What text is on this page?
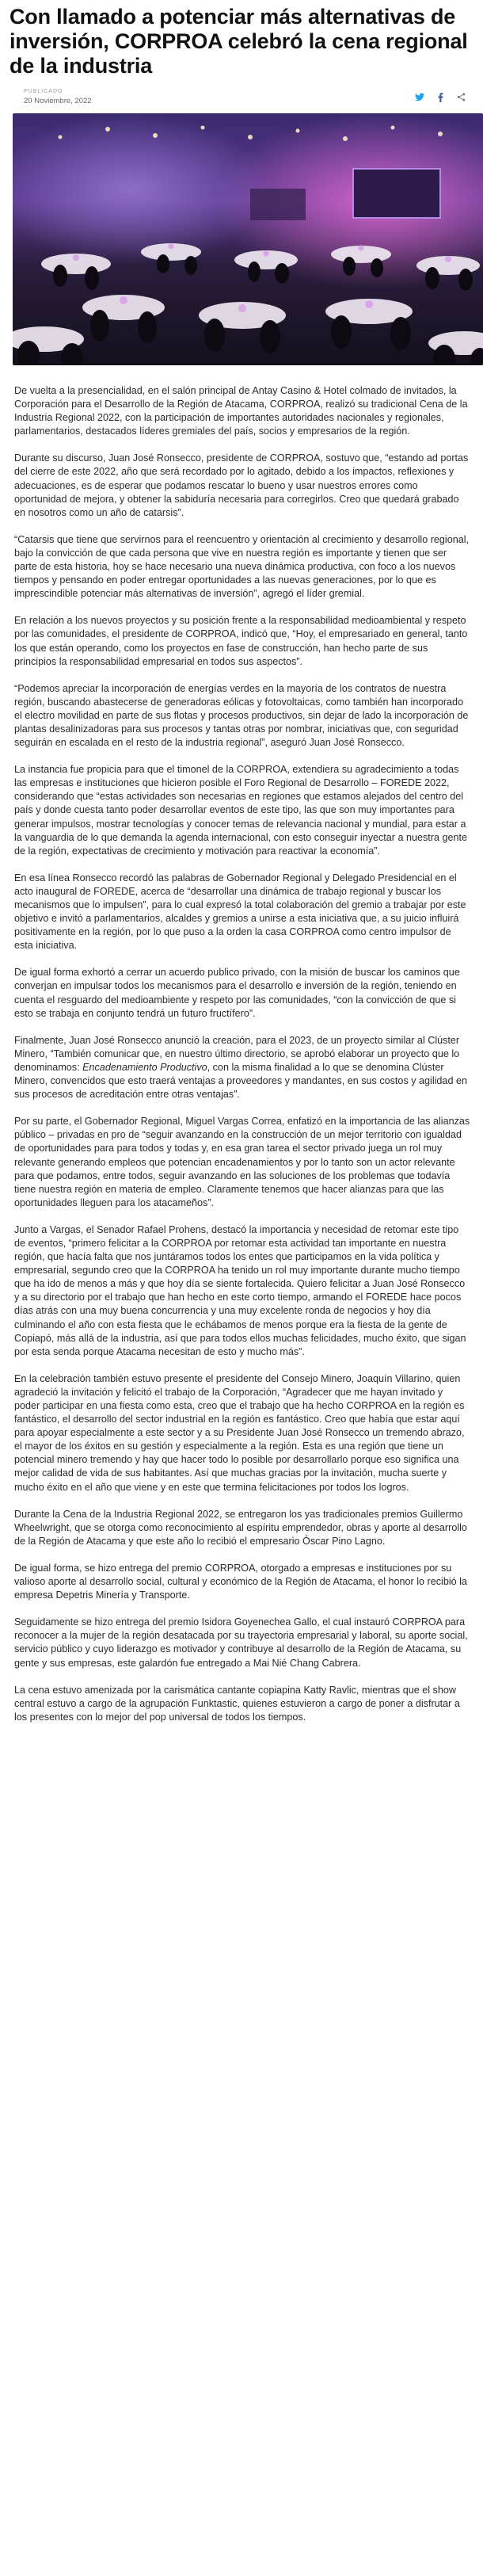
Con llamado a potenciar más alternativas de inversión, CORPROA celebró la cena regional de la industria
PUBLICADO
20 Noviembre, 2022

De vuelta a la presencialidad, en el salón principal de Antay Casino & Hotel colmado de invitados, la Corporación para el Desarrollo de la Región de Atacama, CORPROA, realizó su tradicional Cena de la Industria Regional 2022, con la participación de importantes autoridades nacionales y regionales, parlamentarios, destacados líderes gremiales del país, socios y empresarios de la región.

Durante su discurso, Juan José Ronsecco, presidente de CORPROA, sostuvo que, “estando ad portas del cierre de este 2022, año que será recordado por lo agitado, debido a los impactos, reflexiones y adecuaciones, es de esperar que podamos rescatar lo bueno y usar nuestros errores como oportunidad de mejora, y obtener la sabiduría necesaria para corregirlos. Creo que quedará grabado en nosotros como un año de catarsis”.

“Catarsis que tiene que servirnos para el reencuentro y orientación al crecimiento y desarrollo regional, bajo la convicción de que cada persona que vive en nuestra región es importante y tienen que ser parte de esta historia, hoy se hace necesario una nueva dinámica productiva, con foco a los nuevos tiempos y pensando en poder entregar oportunidades a las nuevas generaciones, por lo que es imprescindible potenciar más alternativas de inversión”, agregó el líder gremial.

En relación a los nuevos proyectos y su posición frente a la responsabilidad medioambiental y respeto por las comunidades, el presidente de CORPROA, indicó que, “Hoy, el empresariado en general, tanto los que están operando, como los proyectos en fase de construcción, han hecho parte de sus principios la responsabilidad empresarial en todos sus aspectos”.

“Podemos apreciar la incorporación de energías verdes en la mayoría de los contratos de nuestra región, buscando abastecerse de generadoras eólicas y fotovoltaicas, como también han incorporado el electro movilidad en parte de sus flotas y procesos productivos, sin dejar de lado la incorporación de plantas desalinizadoras para sus procesos y tantas otras por nombrar, iniciativas que, con seguridad seguirán en escalada en el resto de la industria regional”, aseguró Juan José Ronsecco.

La instancia fue propicia para que el timonel de la CORPROA, extendiera su agradecimiento a todas las empresas e instituciones que hicieron posible el Foro Regional de Desarrollo – FOREDE 2022, considerando que “estas actividades son necesarias en regiones que estamos alejados del centro del país y donde cuesta tanto poder desarrollar eventos de este tipo, las que son muy importantes para generar impulsos, mostrar tecnologías y conocer temas de relevancia nacional y mundial, para estar a la vanguardia de lo que demanda la agenda internacional, con esto conseguir inyectar a nuestra gente de la región, expectativas de crecimiento y motivación para reactivar la economía”.

En esa línea Ronsecco recordó las palabras de Gobernador Regional y Delegado Presidencial en el acto inaugural de FOREDE, acerca de “desarrollar una dinámica de trabajo regional y buscar los mecanismos que lo impulsen”, para lo cual expresó la total colaboración del gremio a trabajar por este objetivo e invitó a parlamentarios, alcaldes y gremios a unirse a esta iniciativa que, a su juicio influirá positivamente en la región, por lo que puso a la orden la casa CORPROA como centro impulsor de esta iniciativa.

De igual forma exhortó a cerrar un acuerdo publico privado, con la misión de buscar los caminos que converjan en impulsar todos los mecanismos para el desarrollo e inversión de la región, teniendo en cuenta el resguardo del medioambiente y respeto por las comunidades, “con la convicción de que si esto se trabaja en conjunto tendrá un futuro fructífero”.

Finalmente, Juan José Ronsecco anunció la creación, para el 2023, de un proyecto similar al Clúster Minero, “También comunicar que, en nuestro último directorio, se aprobó elaborar un proyecto que lo denominamos: Encadenamiento Productivo, con la misma finalidad a lo que se denomina Clúster Minero, convencidos que esto traerá ventajas a proveedores y mandantes, en sus costos y agilidad en sus procesos de acreditación entre otras ventajas”.

Por su parte, el Gobernador Regional, Miguel Vargas Correa, enfatizó en la importancia de las alianzas público – privadas en pro de “seguir avanzando en la construcción de un mejor territorio con igualdad de oportunidades para para todos y todas y, en esa gran tarea el sector privado juega un rol muy relevante generando empleos que potencian encadenamientos y por lo tanto son un actor relevante para que podamos, entre todos, seguir avanzando en las soluciones de los problemas que todavía tiene nuestra región en materia de empleo. Claramente tenemos que hacer alianzas para que las oportunidades lleguen para los atacameños”.

Junto a Vargas, el Senador Rafael Prohens, destacó la importancia y necesidad de retomar este tipo de eventos, “primero felicitar a la CORPROA por retomar esta actividad tan importante en nuestra región, que hacía falta que nos juntáramos todos los entes que participamos en la vida política y empresarial, segundo creo que la CORPROA ha tenido un rol muy importante durante mucho tiempo que ha ido de menos a más y que hoy día se siente fortalecida. Quiero felicitar a Juan José Ronsecco y a su directorio por el trabajo que han hecho en este corto tiempo, armando el FOREDE hace pocos días atrás con una muy buena concurrencia y una muy excelente ronda de negocios y hoy día culminando el año con esta fiesta que le echábamos de menos porque era la fiesta de la gente de Copiapó, más allá de la industria, así que para todos ellos muchas felicidades, mucho éxito, que sigan por esta senda porque Atacama necesitan de esto y mucho más”.

En la celebración también estuvo presente el presidente del Consejo Minero, Joaquín Villarino, quien agradeció la invitación y felicitó el trabajo de la Corporación, “Agradecer que me hayan invitado y poder participar en una fiesta como esta, creo que el trabajo que ha hecho CORPROA en la región es fantástico, el desarrollo del sector industrial en la región es fantástico. Creo que había que estar aquí para apoyar especialmente a este sector y a su Presidente Juan José Ronsecco un tremendo abrazo, el mayor de los éxitos en su gestión y especialmente a la región. Esta es una región que tiene un potencial minero tremendo y hay que hacer todo lo posible por desarrollarlo porque eso significa una mejor calidad de vida de sus habitantes. Así que muchas gracias por la invitación, mucha suerte y mucho éxito en el año que viene y en este que termina felicitaciones por todos los logros.

Durante la Cena de la Industria Regional 2022, se entregaron los yas tradicionales premios Guillermo Wheelwright, que se otorga como reconocimiento al espíritu emprendedor, obras y aporte al desarrollo de la Región de Atacama y que este año lo recibió el empresario Óscar Pino Lagno.

De igual forma, se hizo entrega del premio CORPROA, otorgado a empresas e instituciones por su valioso aporte al desarrollo social, cultural y económico de la Región de Atacama, el honor lo recibió la empresa Depetris Minería y Transporte.

Seguidamente se hizo entrega del premio Isidora Goyenechea Gallo, el cual instauró CORPROA para reconocer a la mujer de la región desatacada por su trayectoria empresarial y laboral, su aporte social, servicio público y cuyo liderazgo es motivador y contribuye al desarrollo de la Región de Atacama, su gente y sus empresas, este galardón fue entregado a Mai Nié Chang Cabrera.

La cena estuvo amenizada por la carismática cantante copiapina Katty Ravlic, mientras que el show central estuvo a cargo de la agrupación Funktastic, quienes estuvieron a cargo de poner a disfrutar a los presentes con lo mejor del pop universal de todos los tiempos.
